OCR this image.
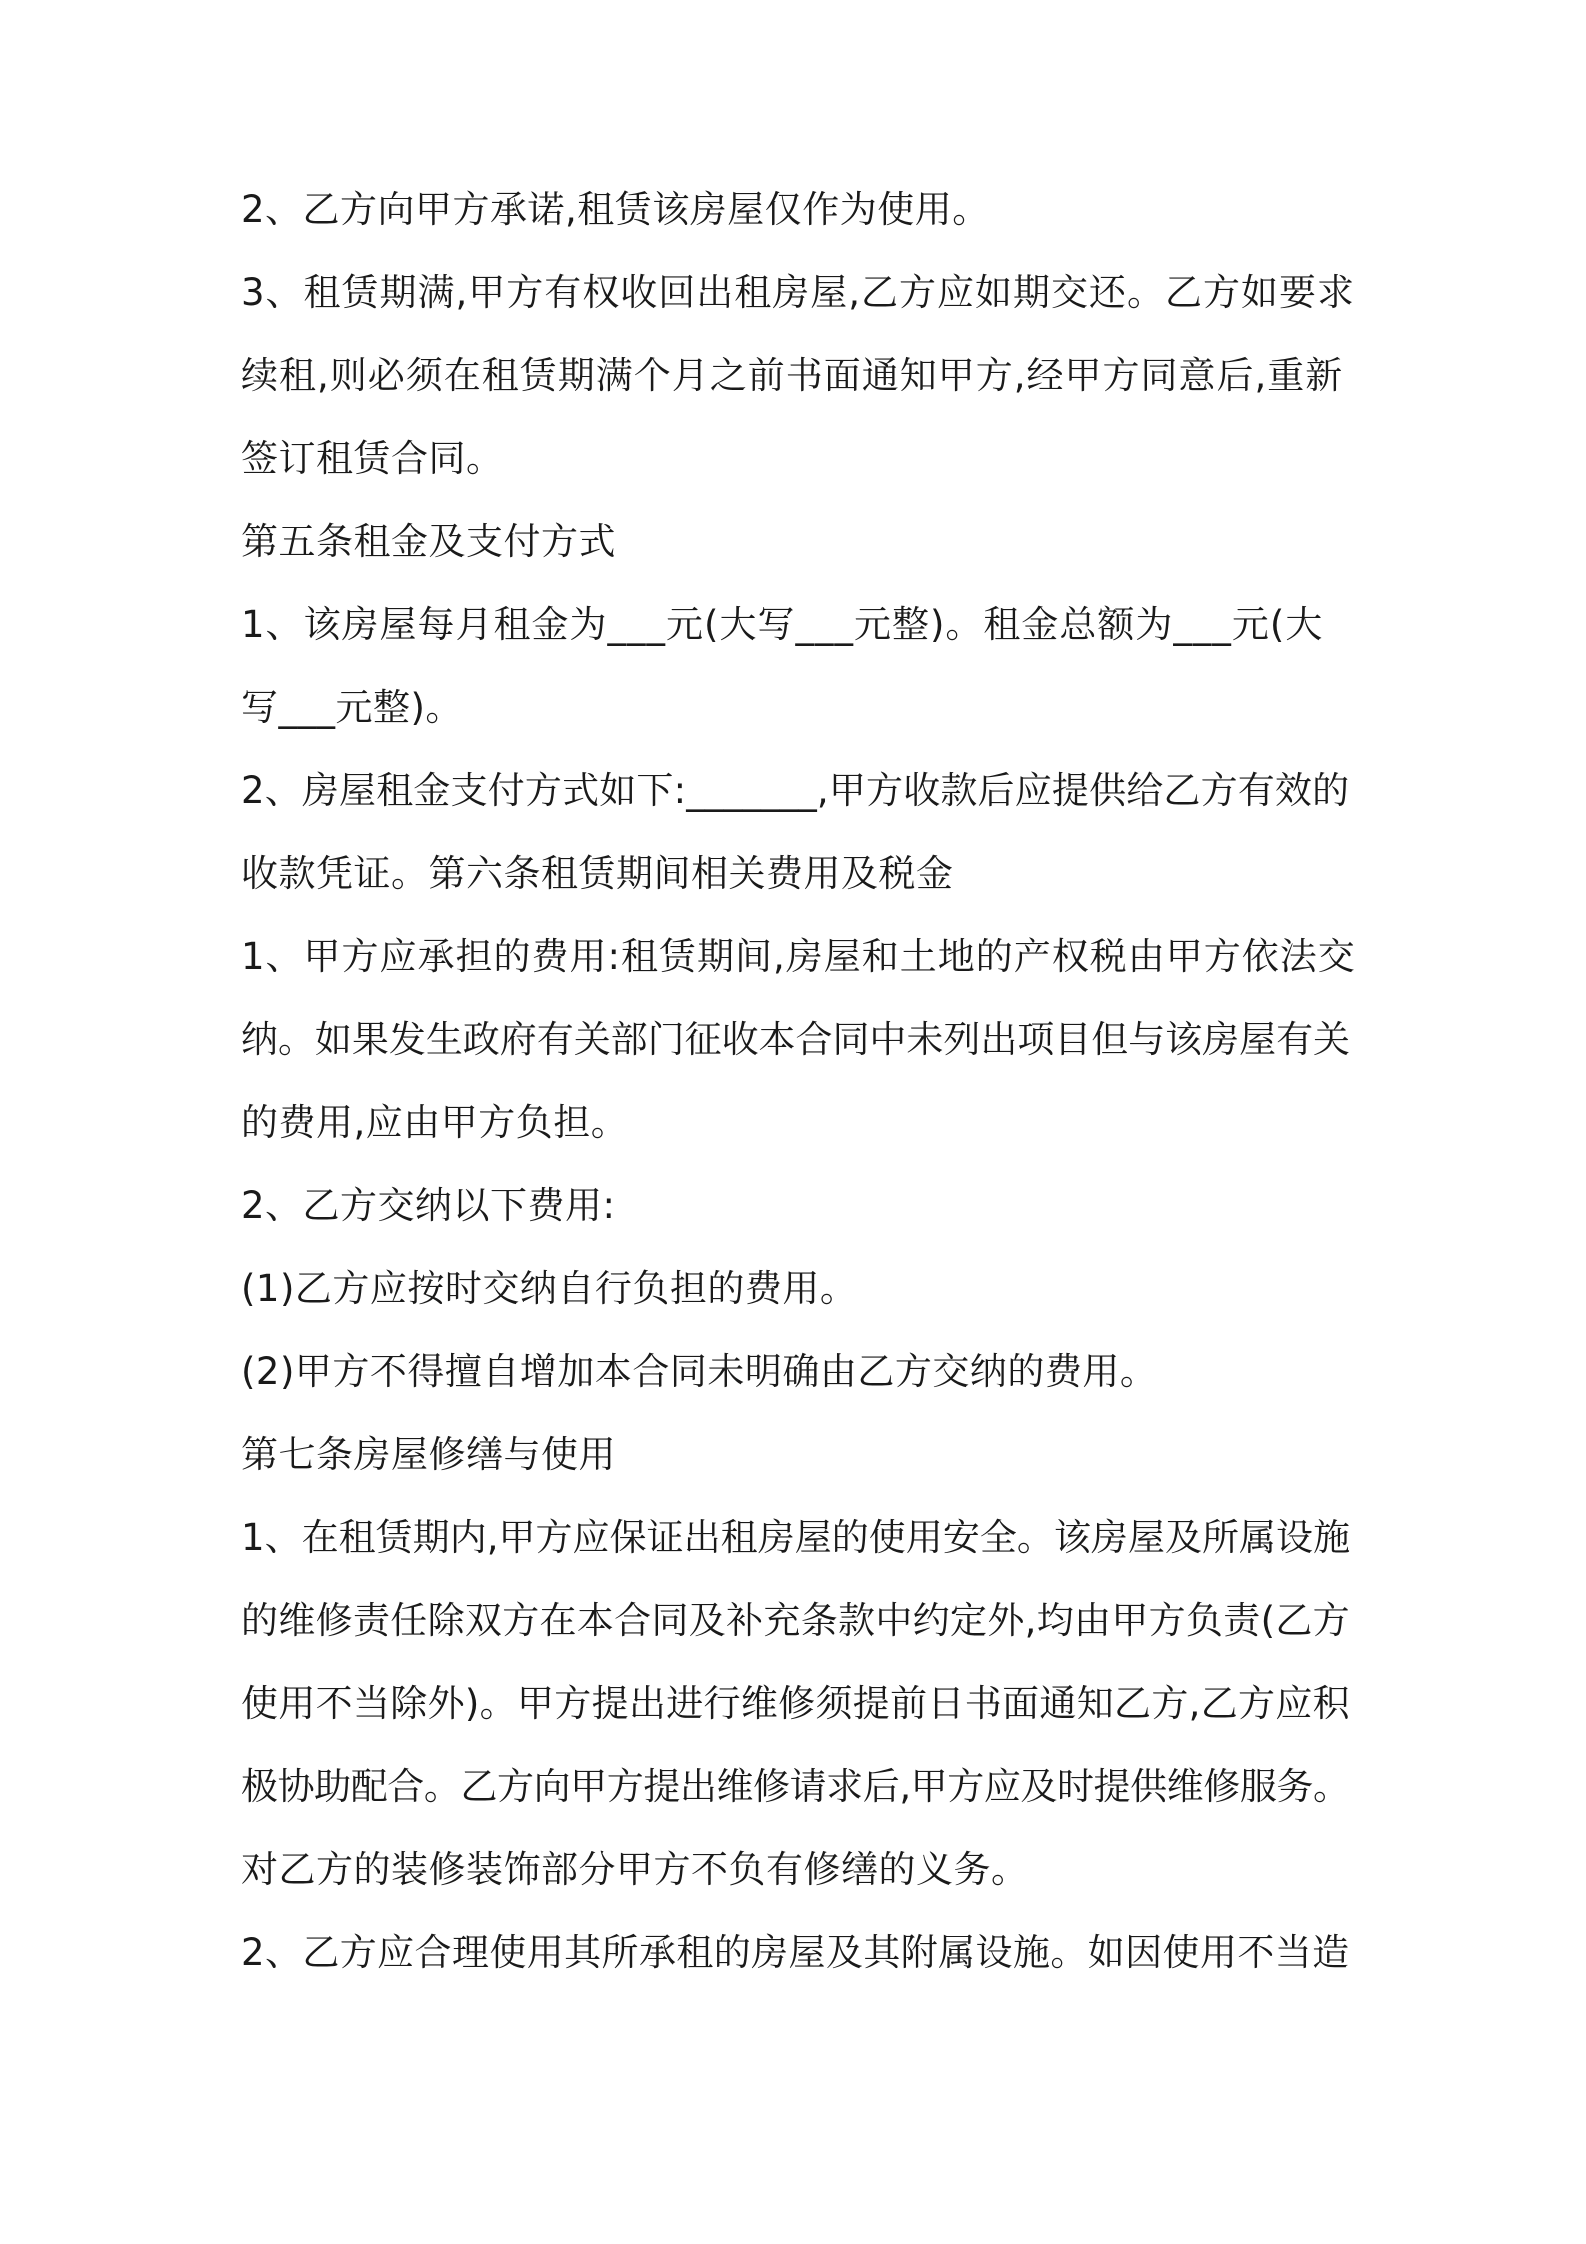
2、乙方向甲方承诺,租赁该房屋仅作为使用。
3、租赁期满,甲方有权收回出租房屋,乙方应如期交还。乙方如要求
续租,则必须在租赁期满个月之前书面通知甲方,经甲方同意后,重新
签订租赁合同。
第五条租金及支付方式
1、该房屋每月租金为___元(大写___元整)。租金总额为___元(大
写___元整)。
2、房屋租金支付方式如下:_______,甲方收款后应提供给乙方有效的
收款凭证。第六条租赁期间相关费用及税金
1、甲方应承担的费用:租赁期间,房屋和土地的产权税由甲方依法交
纳。如果发生政府有关部门征收本合同中未列出项目但与该房屋有关
的费用,应由甲方负担。
2、乙方交纳以下费用:
(1)乙方应按时交纳自行负担的费用。
(2)甲方不得擅自增加本合同未明确由乙方交纳的费用。
第七条房屋修缮与使用
1、在租赁期内,甲方应保证出租房屋的使用安全。该房屋及所属设施
的维修责任除双方在本合同及补充条款中约定外,均由甲方负责(乙方
使用不当除外)。甲方提出进行维修须提前日书面通知乙方,乙方应积
极协助配合。乙方向甲方提出维修请求后,甲方应及时提供维修服务。
对乙方的装修装饰部分甲方不负有修缮的义务。
2、乙方应合理使用其所承租的房屋及其附属设施。如因使用不当造
